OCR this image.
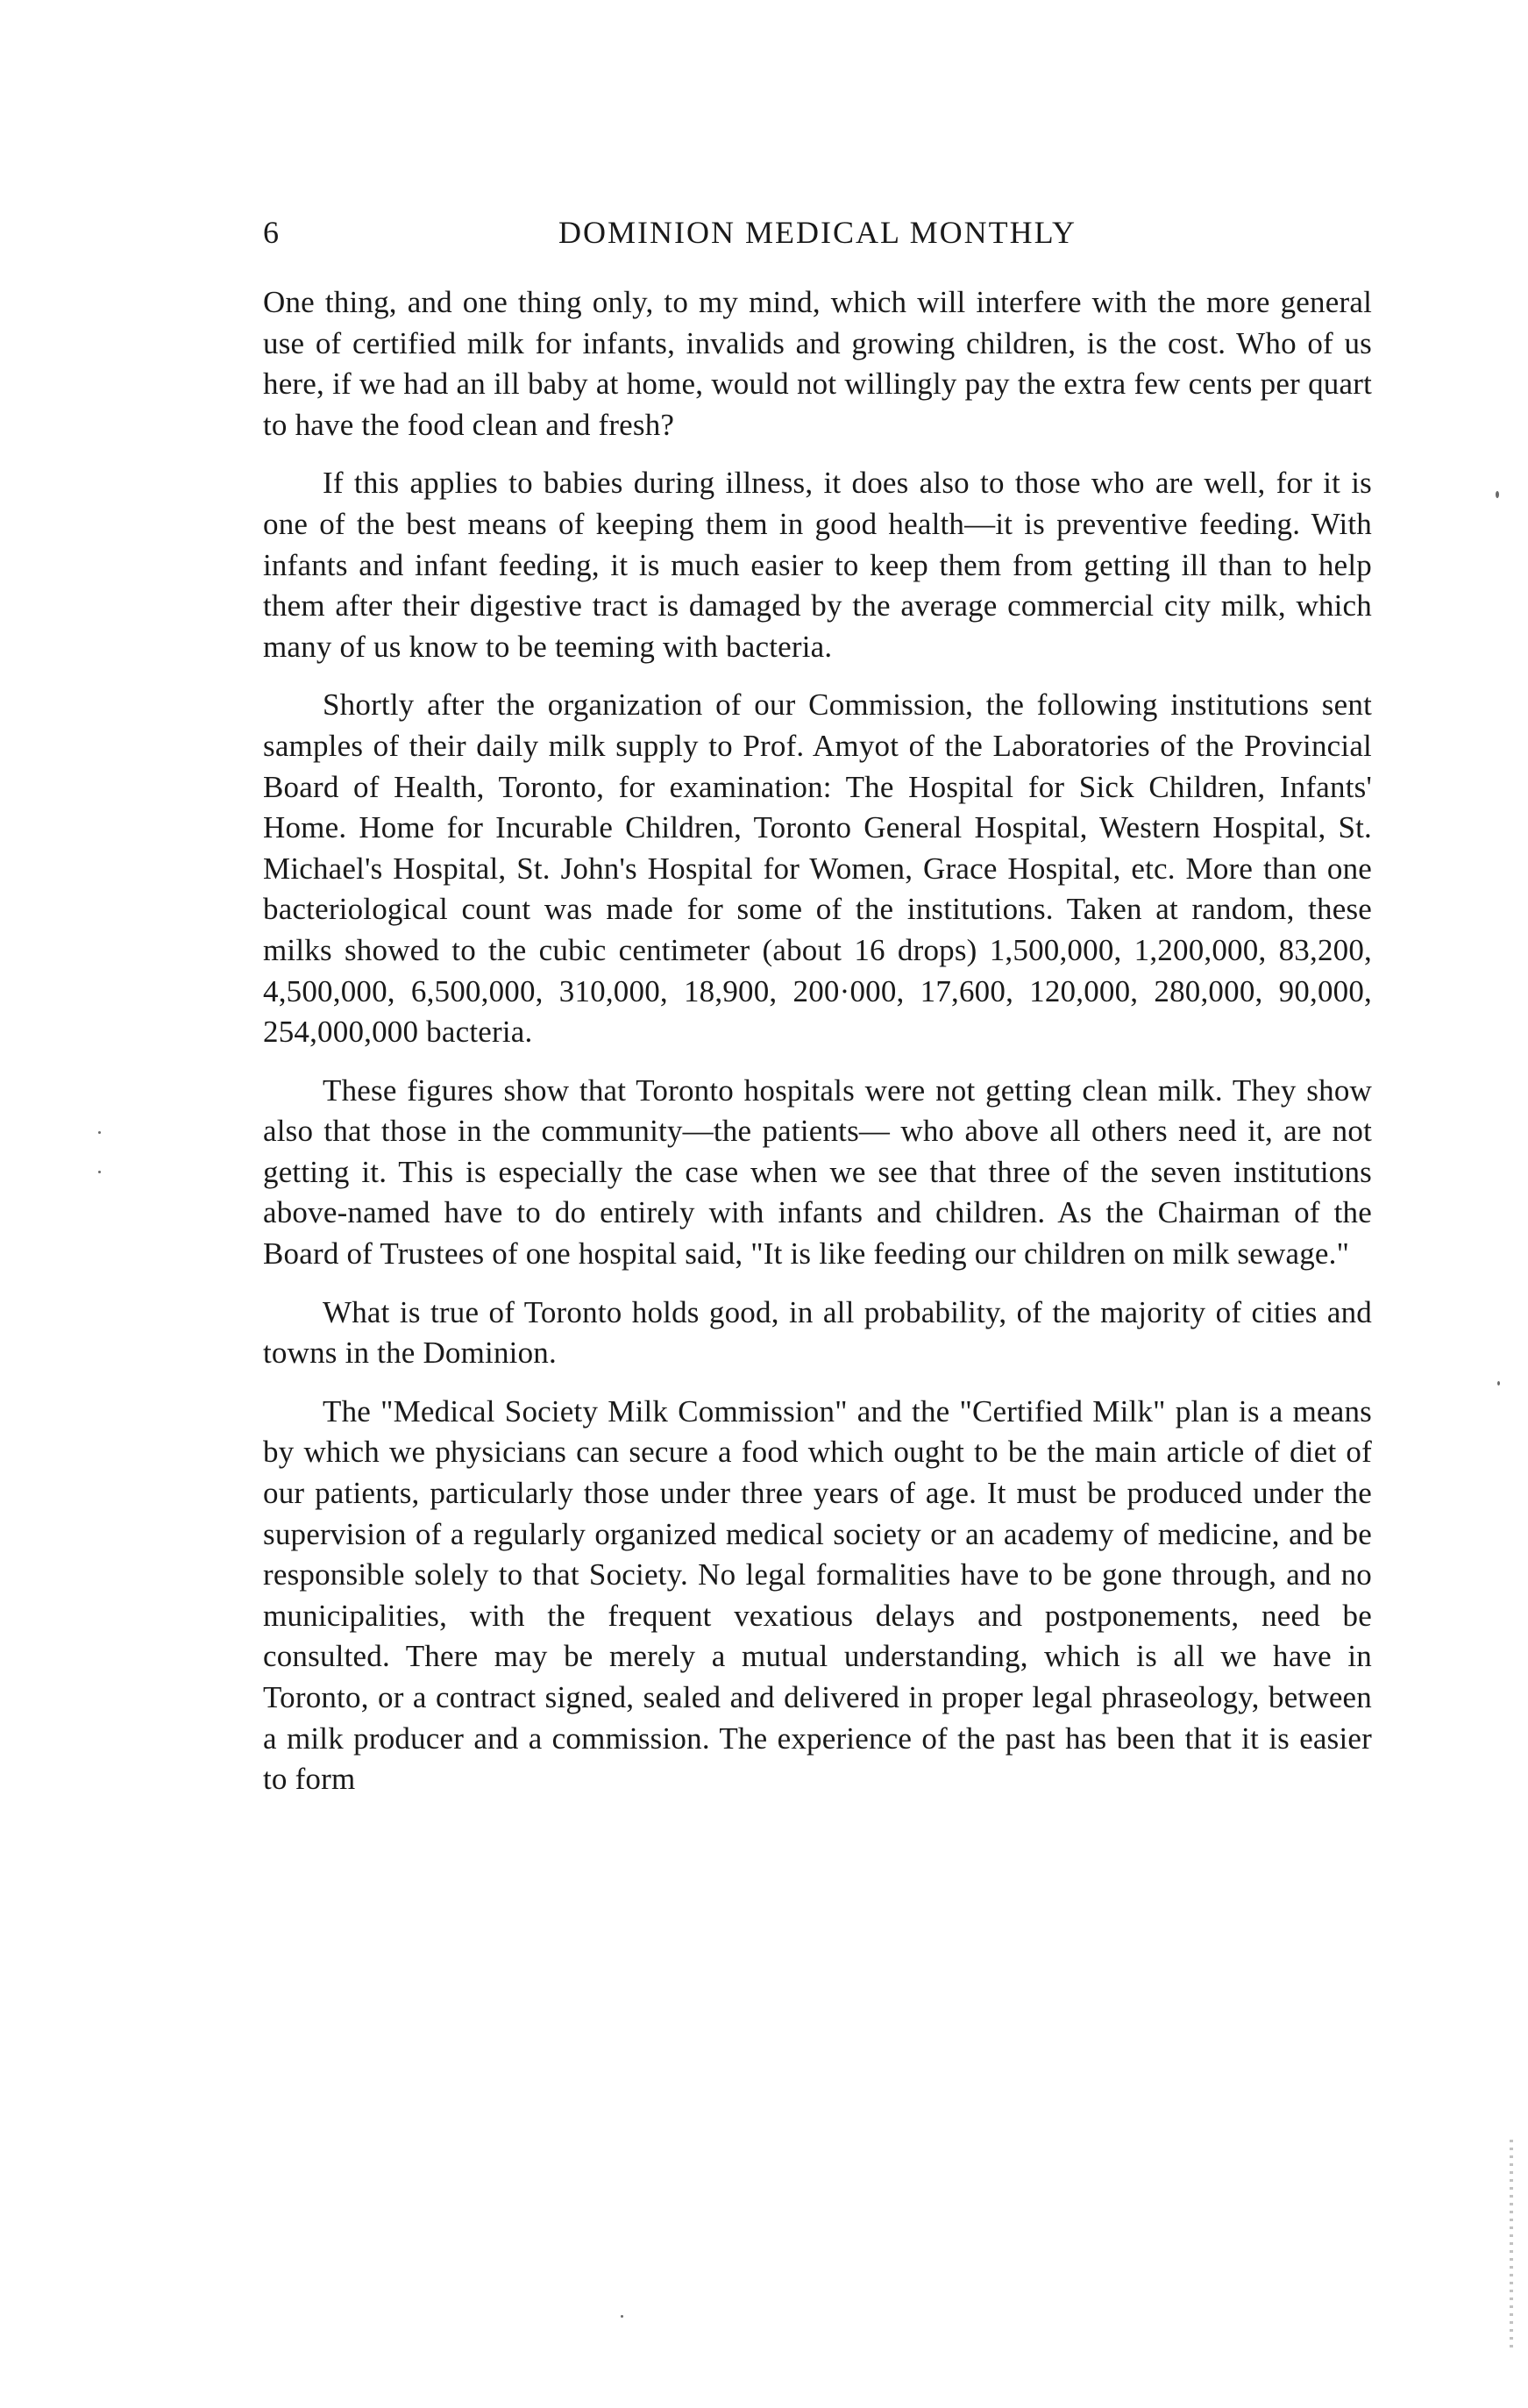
6	DOMINION MEDICAL MONTHLY

One thing, and one thing only, to my mind, which will interfere with the more general use of certified milk for infants, invalids and growing children, is the cost. Who of us here, if we had an ill baby at home, would not willingly pay the extra few cents per quart to have the food clean and fresh?

If this applies to babies during illness, it does also to those who are well, for it is one of the best means of keeping them in good health—it is preventive feeding. With infants and infant feeding, it is much easier to keep them from getting ill than to help them after their digestive tract is damaged by the average commercial city milk, which many of us know to be teeming with bacteria.

Shortly after the organization of our Commission, the following institutions sent samples of their daily milk supply to Prof. Amyot of the Laboratories of the Provincial Board of Health, Toronto, for examination: The Hospital for Sick Children, Infants' Home. Home for Incurable Children, Toronto General Hospital, Western Hospital, St. Michael's Hospital, St. John's Hospital for Women, Grace Hospital, etc. More than one bacteriological count was made for some of the institutions. Taken at random, these milks showed to the cubic centimeter (about 16 drops) 1,500,000, 1,200,000, 83,200, 4,500,000, 6,500,000, 310,000, 18,900, 200·000, 17,600, 120,000, 280,000, 90,000, 254,000,000 bacteria.

These figures show that Toronto hospitals were not getting clean milk. They show also that those in the community—the patients— who above all others need it, are not getting it. This is especially the case when we see that three of the seven institutions above-named have to do entirely with infants and children. As the Chairman of the Board of Trustees of one hospital said, "It is like feeding our children on milk sewage."

What is true of Toronto holds good, in all probability, of the majority of cities and towns in the Dominion.

The "Medical Society Milk Commission" and the "Certified Milk" plan is a means by which we physicians can secure a food which ought to be the main article of diet of our patients, particularly those under three years of age. It must be produced under the supervision of a regularly organized medical society or an academy of medicine, and be responsible solely to that Society. No legal formalities have to be gone through, and no municipalities, with the frequent vexatious delays and postponements, need be consulted. There may be merely a mutual understanding, which is all we have in Toronto, or a contract signed, sealed and delivered in proper legal phraseology, between a milk producer and a commission. The experience of the past has been that it is easier to form
